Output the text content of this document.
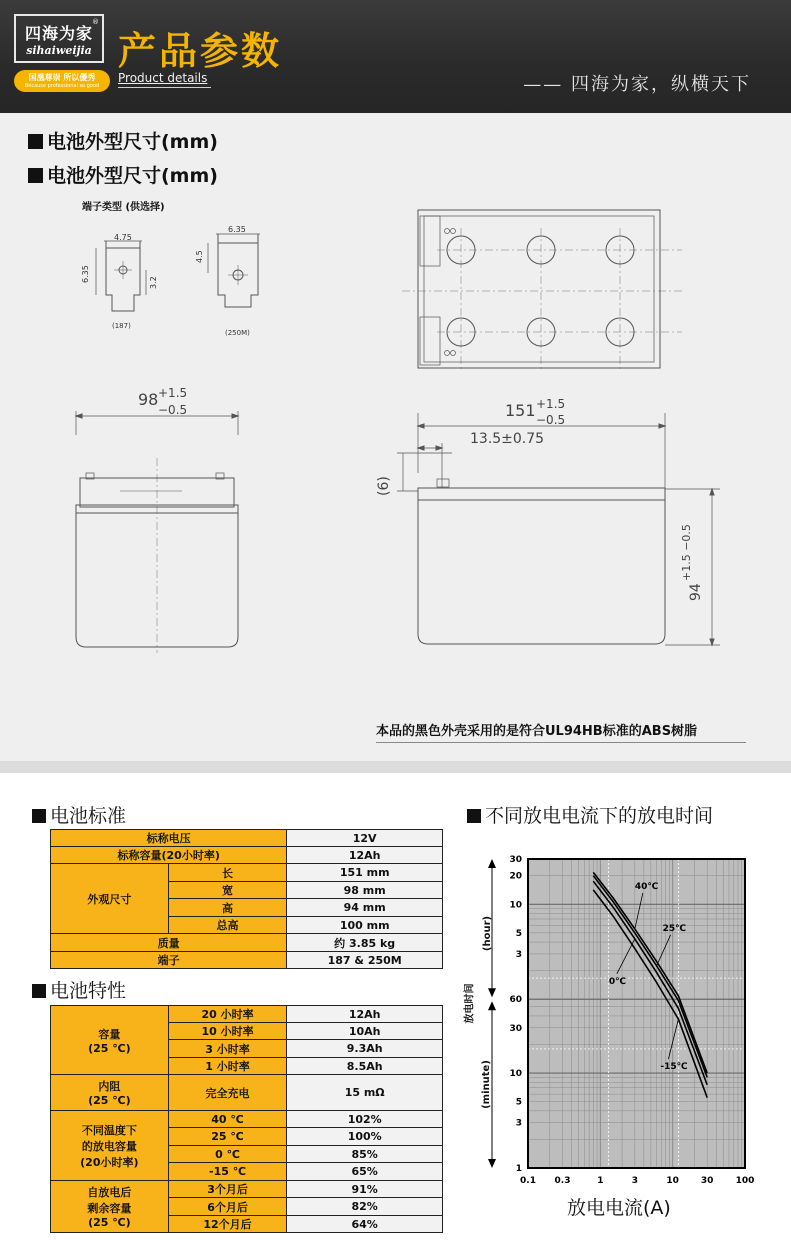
四海为家
®
sihaiweijia 产品参数
国凰尊崇 所以優秀
Because professional so good
Product details	—— 四海为家，纵横天下
电池外型尺寸(mm)
电池外型尺寸(mm)
端子类型 (供选择)
4.75
6.35	3.2
(187)
6.35
4.5
(250M)
98 +1.5
−0.5	151 +1.5
−0.5
13.5±0.75
(6)
94
+1.5 −0.5
本品的黑色外壳采用的是符合UL94HB标准的ABS树脂
电池标准
标称电压		12V
标称容量(20小时率)		12Ah
外观尺寸	长	151 mm
	宽	98 mm
	高	94 mm
	总高	100 mm
质量		约 3.85 kg
端子		187 & 250M
电池特性
容量
(25 ℃)	20 小时率	12Ah
	10 小时率	10Ah
	3 小时率	9.3Ah
	1 小时率	8.5Ah
内阻
(25 ℃)	完全充电	15 mΩ
不同温度下
的放电容量
(20小时率)	40 ℃	102%
	25 ℃	100%
	0 ℃	85%
	-15 ℃	65%
自放电后
剩余容量
(25 ℃)	3个月后	91%
	6个月后	82%
	12个月后	64%
不同放电电流下的放电时间
40℃
25℃
0℃
-15℃
0.1 0.3	1	3	10 30 100
30
20
10
5
3
60
30
10
5
3
1
放电时间
(hour)
(minute)
放电电流(A)
